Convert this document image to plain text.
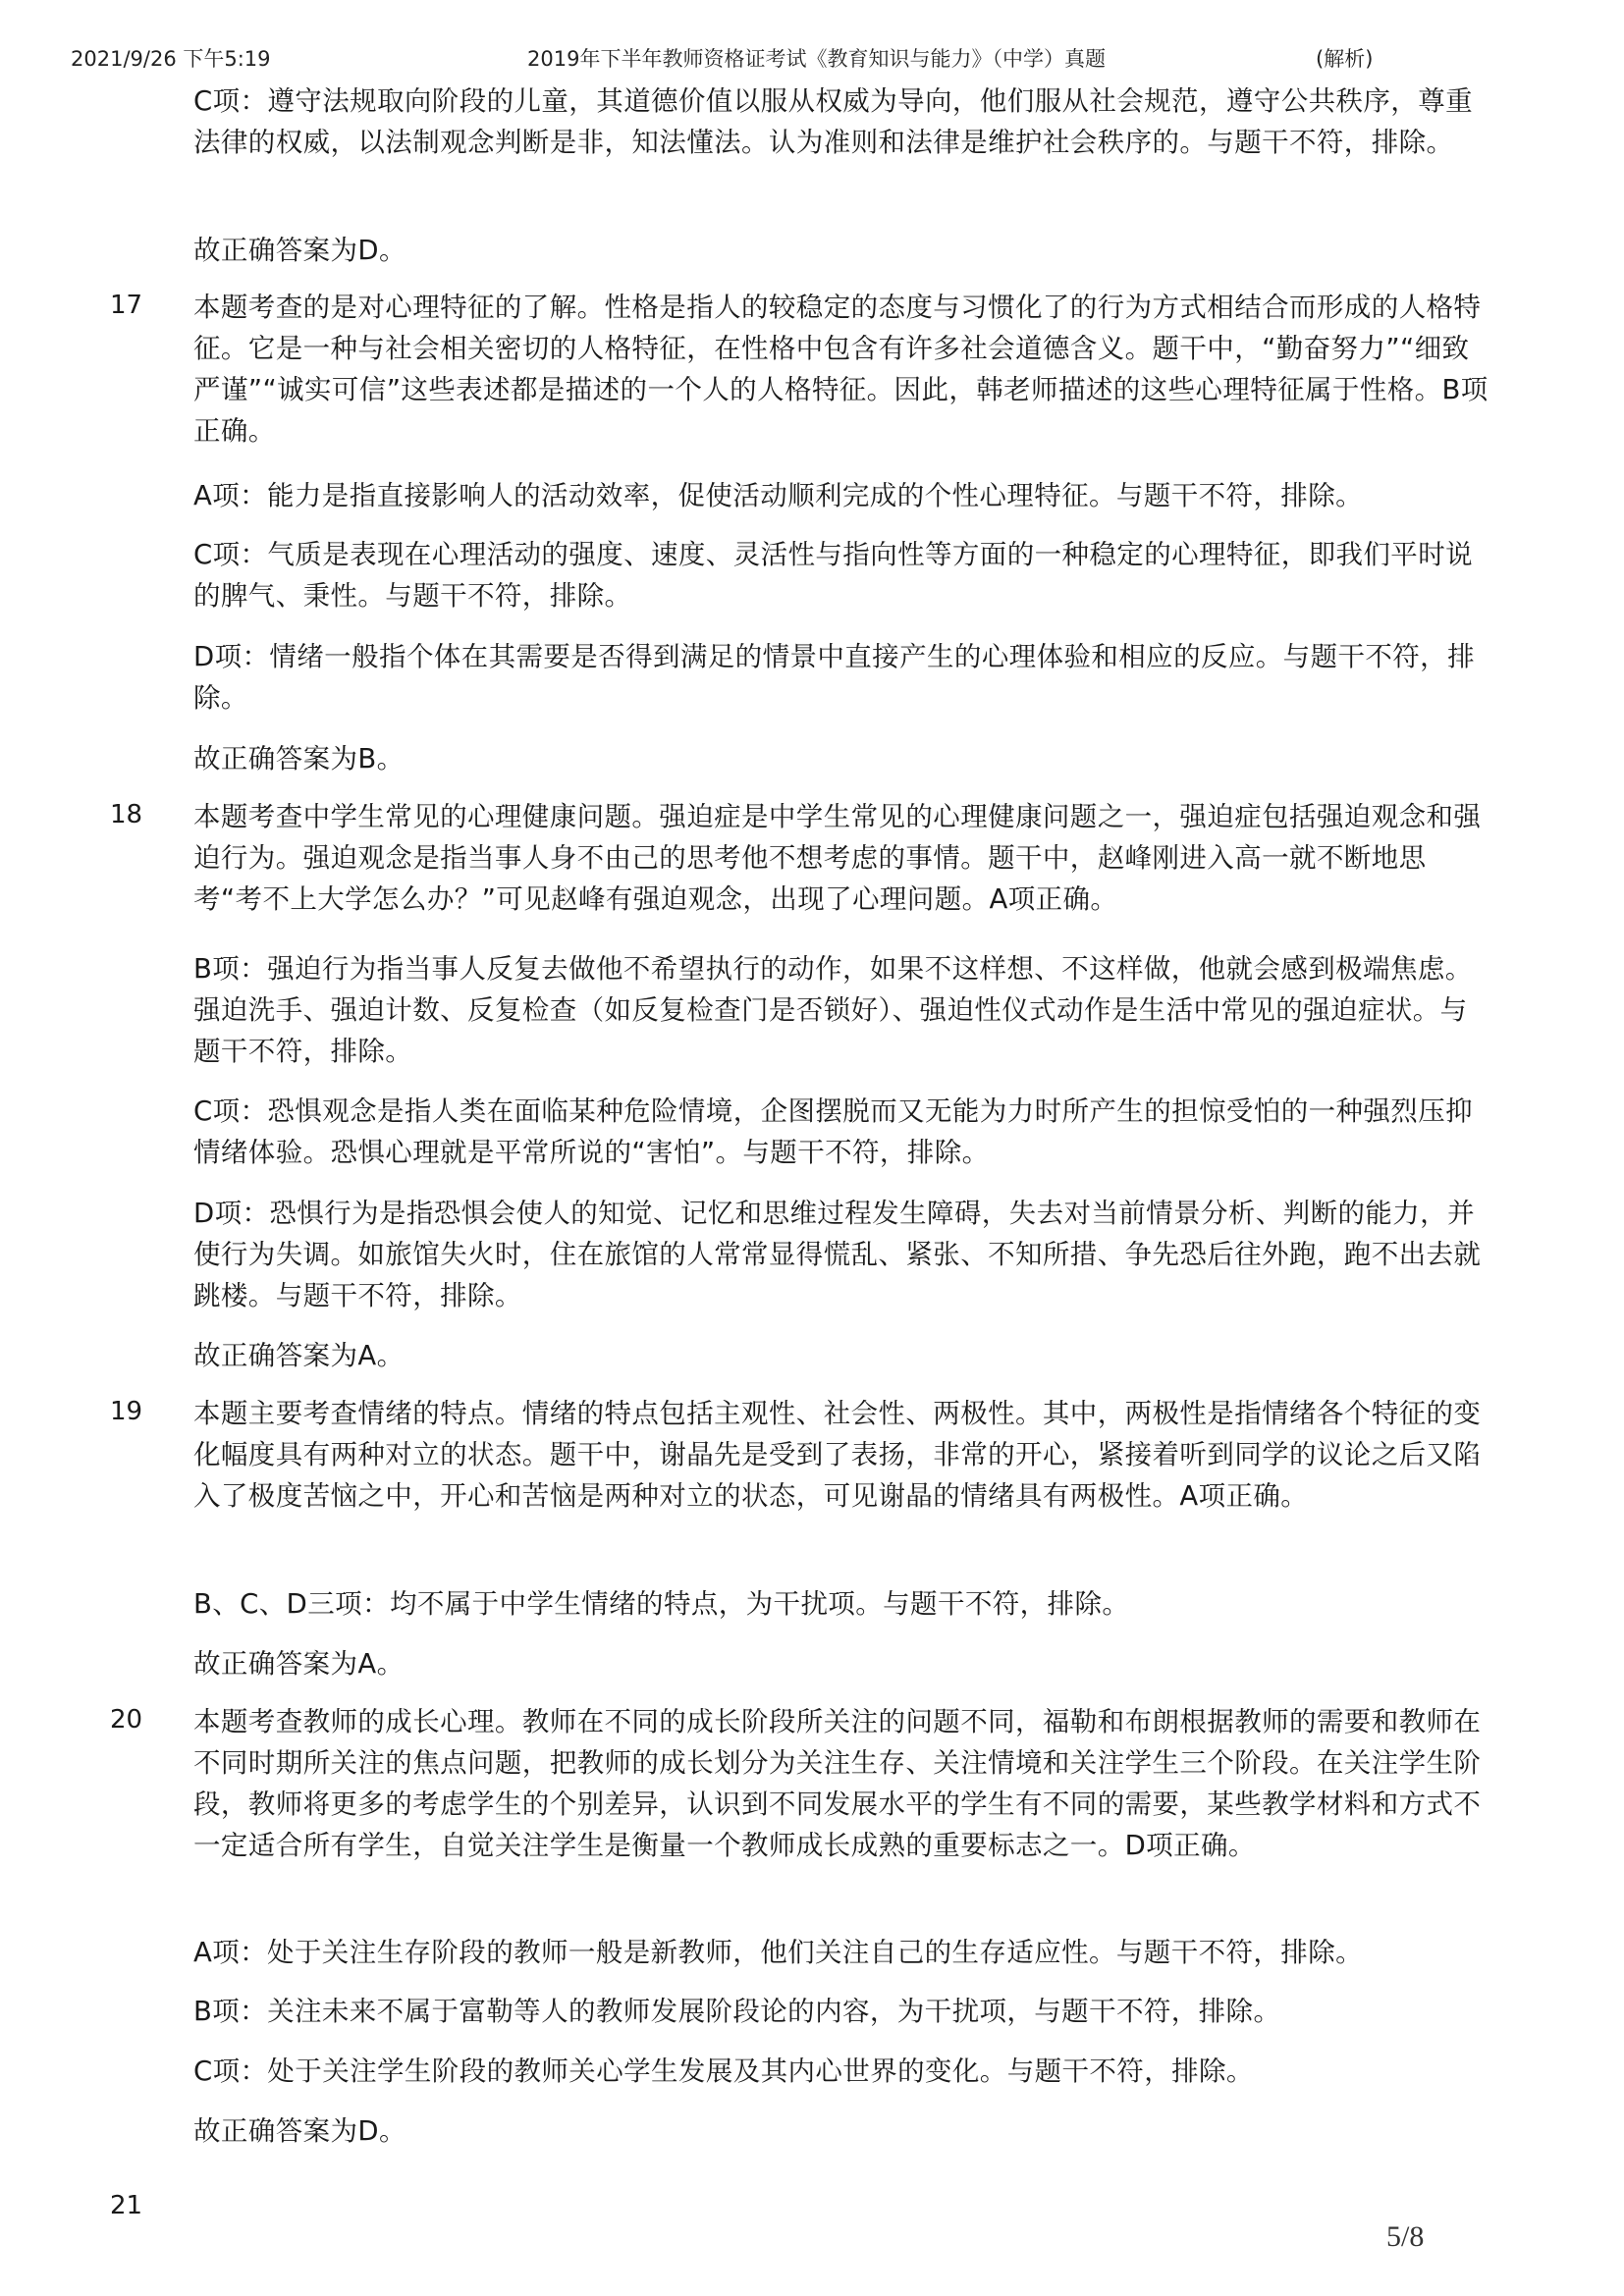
2021/9/26 下午5:19	2019年下半年教师资格证考试《教育知识与能力》（中学）真题	(解析)

C项：遵守法规取向阶段的儿童，其道德价值以服从权威为导向，他们服从社会规范，遵守公共秩序，尊重法律的权威，以法制观念判断是非，知法懂法。认为准则和法律是维护社会秩序的。与题干不符，排除。

故正确答案为D。

17 本题考查的是对心理特征的了解。性格是指人的较稳定的态度与习惯化了的行为方式相结合而形成的人格特征。它是一种与社会相关密切的人格特征，在性格中包含有许多社会道德含义。题干中，“勤奋努力”“细致严谨”“诚实可信”这些表述都是描述的一个人的人格特征。因此，韩老师描述的这些心理特征属于性格。B项正确。

A项：能力是指直接影响人的活动效率，促使活动顺利完成的个性心理特征。与题干不符，排除。

C项：气质是表现在心理活动的强度、速度、灵活性与指向性等方面的一种稳定的心理特征，即我们平时说的脾气、秉性。与题干不符，排除。

D项：情绪一般指个体在其需要是否得到满足的情景中直接产生的心理体验和相应的反应。与题干不符，排除。

故正确答案为B。

18 本题考查中学生常见的心理健康问题。强迫症是中学生常见的心理健康问题之一，强迫症包括强迫观念和强迫行为。强迫观念是指当事人身不由己的思考他不想考虑的事情。题干中，赵峰刚进入高一就不断地思考“考不上大学怎么办？”可见赵峰有强迫观念，出现了心理问题。A项正确。

B项：强迫行为指当事人反复去做他不希望执行的动作，如果不这样想、不这样做，他就会感到极端焦虑。强迫洗手、强迫计数、反复检查（如反复检查门是否锁好）、强迫性仪式动作是生活中常见的强迫症状。与题干不符，排除。

C项：恐惧观念是指人类在面临某种危险情境，企图摆脱而又无能为力时所产生的担惊受怕的一种强烈压抑情绪体验。恐惧心理就是平常所说的“害怕”。与题干不符，排除。

D项：恐惧行为是指恐惧会使人的知觉、记忆和思维过程发生障碍，失去对当前情景分析、判断的能力，并使行为失调。如旅馆失火时，住在旅馆的人常常显得慌乱、紧张、不知所措、争先恐后往外跑，跑不出去就跳楼。与题干不符，排除。

故正确答案为A。

19 本题主要考查情绪的特点。情绪的特点包括主观性、社会性、两极性。其中，两极性是指情绪各个特征的变化幅度具有两种对立的状态。题干中，谢晶先是受到了表扬，非常的开心，紧接着听到同学的议论之后又陷入了极度苦恼之中，开心和苦恼是两种对立的状态，可见谢晶的情绪具有两极性。A项正确。

B、C、D三项：均不属于中学生情绪的特点，为干扰项。与题干不符，排除。

故正确答案为A。

20 本题考查教师的成长心理。教师在不同的成长阶段所关注的问题不同，福勒和布朗根据教师的需要和教师在不同时期所关注的焦点问题，把教师的成长划分为关注生存、关注情境和关注学生三个阶段。在关注学生阶段，教师将更多的考虑学生的个别差异，认识到不同发展水平的学生有不同的需要，某些教学材料和方式不一定适合所有学生，自觉关注学生是衡量一个教师成长成熟的重要标志之一。D项正确。

A项：处于关注生存阶段的教师一般是新教师，他们关注自己的生存适应性。与题干不符，排除。

B项：关注未来不属于富勒等人的教师发展阶段论的内容，为干扰项，与题干不符，排除。

C项：处于关注学生阶段的教师关心学生发展及其内心世界的变化。与题干不符，排除。

故正确答案为D。

21
5/8
